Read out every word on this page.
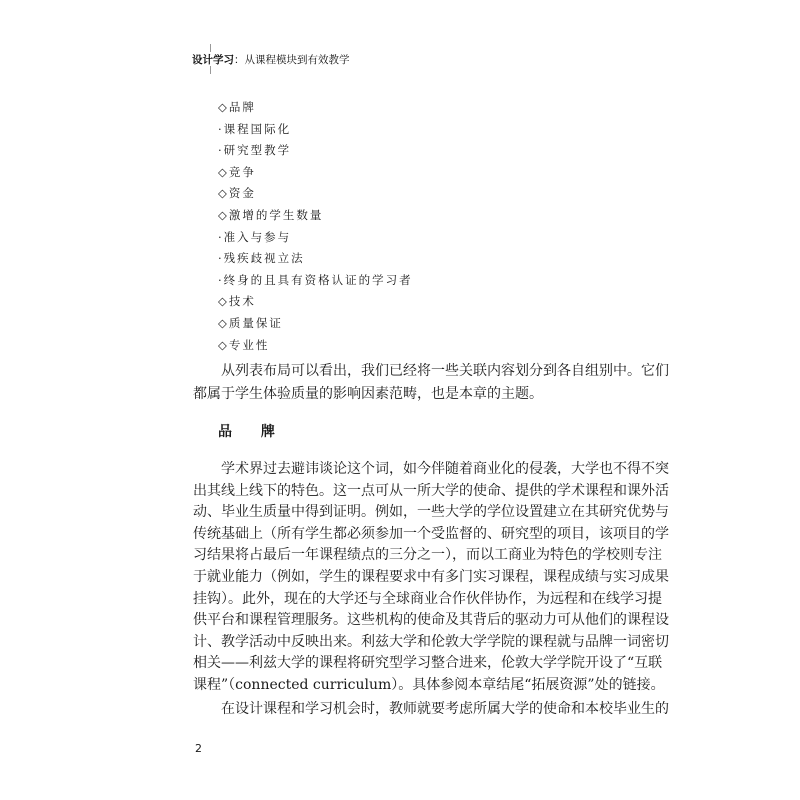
设计学习：从课程模块到有效教学
◇品牌
·课程国际化
·研究型教学
◇竞争
◇资金
◇激增的学生数量
·准入与参与
·残疾歧视立法
·终身的且具有资格认证的学习者
◇技术
◇质量保证
◇专业性
从列表布局可以看出，我们已经将一些关联内容划分到各自组别中。它们
都属于学生体验质量的影响因素范畴，也是本章的主题。
品 牌
学术界过去避讳谈论这个词，如今伴随着商业化的侵袭，大学也不得不突
出其线上线下的特色。这一点可从一所大学的使命、提供的学术课程和课外活
动、毕业生质量中得到证明。例如，一些大学的学位设置建立在其研究优势与
传统基础上（所有学生都必须参加一个受监督的、研究型的项目，该项目的学
习结果将占最后一年课程绩点的三分之一），而以工商业为特色的学校则专注
于就业能力（例如，学生的课程要求中有多门实习课程，课程成绩与实习成果
挂钩）。此外，现在的大学还与全球商业合作伙伴协作，为远程和在线学习提
供平台和课程管理服务。这些机构的使命及其背后的驱动力可从他们的课程设
计、教学活动中反映出来。利兹大学和伦敦大学学院的课程就与品牌一词密切
相关——利兹大学的课程将研究型学习整合进来，伦敦大学学院开设了“互联
课程”（connected curriculum）。具体参阅本章结尾“拓展资源”处的链接。
在设计课程和学习机会时，教师就要考虑所属大学的使命和本校毕业生的
2
